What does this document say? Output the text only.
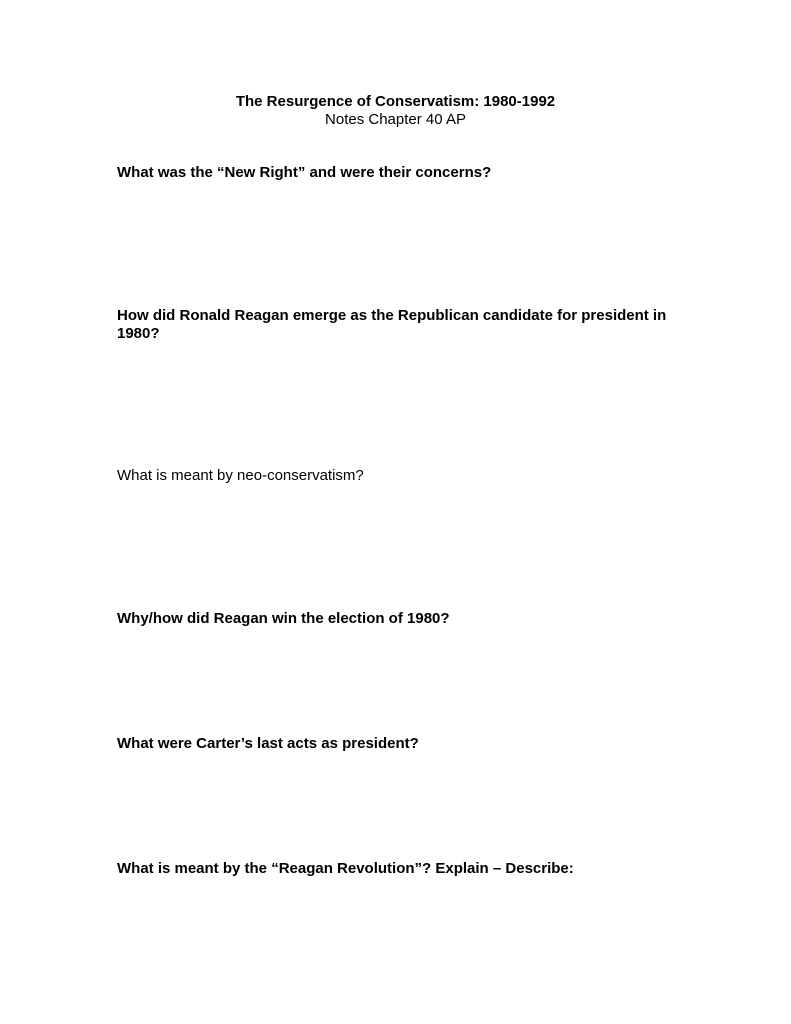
The Resurgence of Conservatism: 1980-1992
Notes Chapter 40 AP

What was the “New Right” and were their concerns?

How did Ronald Reagan emerge as the Republican candidate for president in 1980?

What is meant by neo-conservatism?

Why/how did Reagan win the election of 1980?

What were Carter’s last acts as president?

What is meant by the “Reagan Revolution”? Explain – Describe:
